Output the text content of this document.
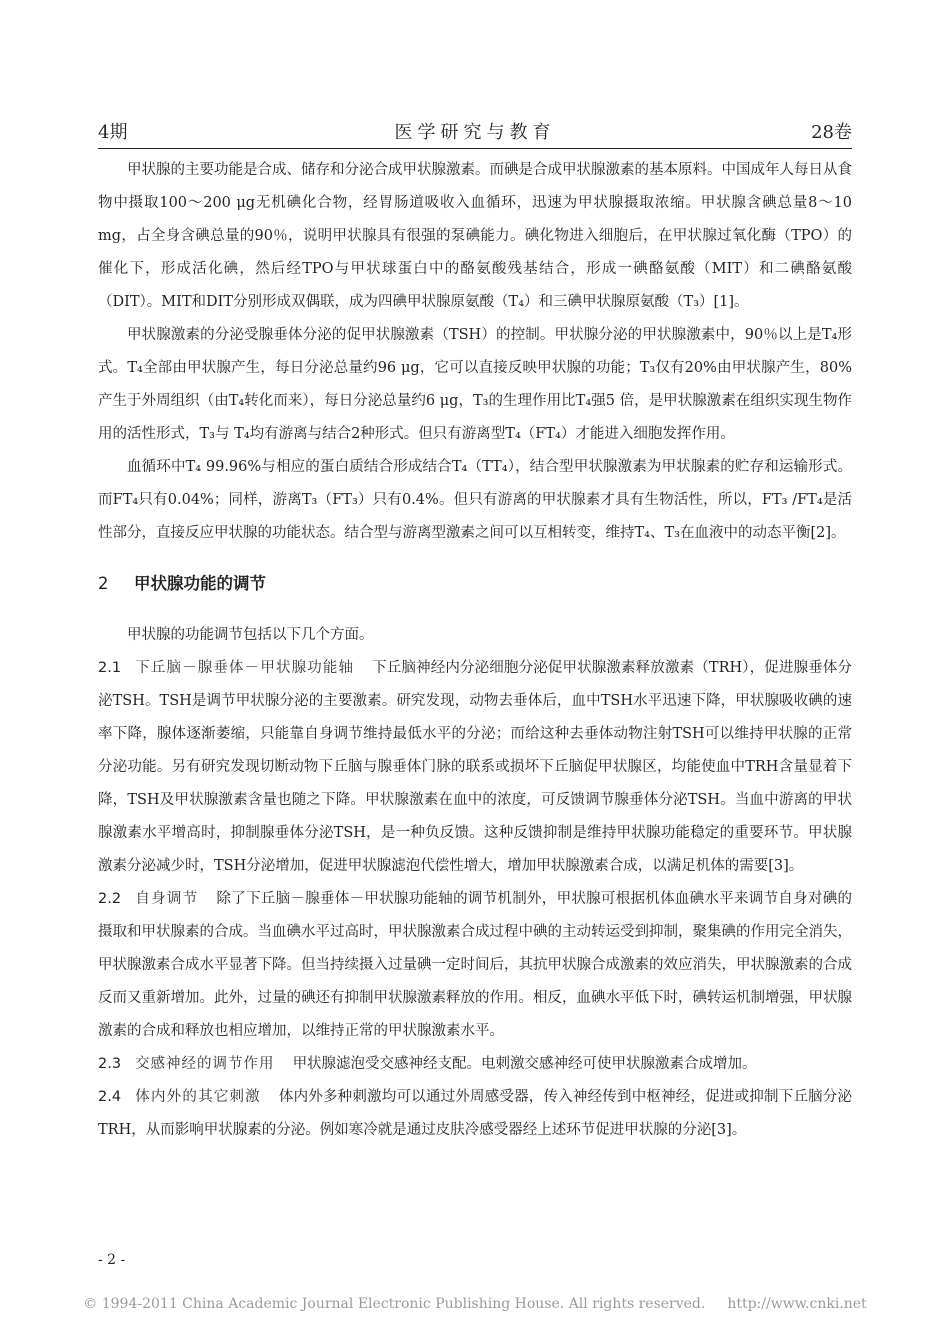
4期	医学研究与教育	28卷

甲状腺的主要功能是合成、储存和分泌合成甲状腺激素。而碘是合成甲状腺激素的基本原料。中国成年人每日从食物中摄取100～200 μg无机碘化合物，经胃肠道吸收入血循环，迅速为甲状腺摄取浓缩。甲状腺含碘总量8～10 mg，占全身含碘总量的90％，说明甲状腺具有很强的泵碘能力。碘化物进入细胞后，在甲状腺过氧化酶（TPO）的催化下，形成活化碘，然后经TPO与甲状球蛋白中的酪氨酸残基结合，形成一碘酪氨酸（MIT）和二碘酪氨酸（DIT）。MIT和DIT分别形成双偶联，成为四碘甲状腺原氨酸（T₄）和三碘甲状腺原氨酸（T₃）[1]。

甲状腺激素的分泌受腺垂体分泌的促甲状腺激素（TSH）的控制。甲状腺分泌的甲状腺激素中，90％以上是T₄形式。T₄全部由甲状腺产生，每日分泌总量约96 μg，它可以直接反映甲状腺的功能；T₃仅有20%由甲状腺产生，80%产生于外周组织（由T₄转化而来），每日分泌总量约6 μg，T₃的生理作用比T₄强5 倍，是甲状腺激素在组织实现生物作用的活性形式，T₃与 T₄均有游离与结合2种形式。但只有游离型T₄（FT₄）才能进入细胞发挥作用。

血循环中T₄ 99.96%与相应的蛋白质结合形成结合T₄（TT₄），结合型甲状腺激素为甲状腺素的贮存和运输形式。而FT₄只有0.04%；同样，游离T₃（FT₃）只有0.4%。但只有游离的甲状腺素才具有生物活性，所以，FT₃ /FT₄是活性部分，直接反应甲状腺的功能状态。结合型与游离型激素之间可以互相转变，维持T₄、T₃在血液中的动态平衡[2]。

2 甲状腺功能的调节

甲状腺的功能调节包括以下几个方面。

2.1 下丘脑－腺垂体－甲状腺功能轴 下丘脑神经内分泌细胞分泌促甲状腺激素释放激素（TRH），促进腺垂体分泌TSH。TSH是调节甲状腺分泌的主要激素。研究发现，动物去垂体后，血中TSH水平迅速下降，甲状腺吸收碘的速率下降，腺体逐渐萎缩，只能靠自身调节维持最低水平的分泌；而给这种去垂体动物注射TSH可以维持甲状腺的正常分泌功能。另有研究发现切断动物下丘脑与腺垂体门脉的联系或损坏下丘脑促甲状腺区，均能使血中TRH含量显着下降，TSH及甲状腺激素含量也随之下降。甲状腺激素在血中的浓度，可反馈调节腺垂体分泌TSH。当血中游离的甲状腺激素水平增高时，抑制腺垂体分泌TSH，是一种负反馈。这种反馈抑制是维持甲状腺功能稳定的重要环节。甲状腺激素分泌减少时，TSH分泌增加，促进甲状腺滤泡代偿性增大，增加甲状腺激素合成，以满足机体的需要[3]。

2.2 自身调节 除了下丘脑－腺垂体－甲状腺功能轴的调节机制外，甲状腺可根据机体血碘水平来调节自身对碘的摄取和甲状腺素的合成。当血碘水平过高时，甲状腺激素合成过程中碘的主动转运受到抑制，聚集碘的作用完全消失，甲状腺激素合成水平显著下降。但当持续摄入过量碘一定时间后，其抗甲状腺合成激素的效应消失，甲状腺激素的合成反而又重新增加。此外，过量的碘还有抑制甲状腺激素释放的作用。相反，血碘水平低下时，碘转运机制增强，甲状腺激素的合成和释放也相应增加，以维持正常的甲状腺激素水平。

2.3 交感神经的调节作用 甲状腺滤泡受交感神经支配。电刺激交感神经可使甲状腺激素合成增加。

2.4 体内外的其它刺激 体内外多种刺激均可以通过外周感受器，传入神经传到中枢神经，促进或抑制下丘脑分泌TRH，从而影响甲状腺素的分泌。例如寒冷就是通过皮肤冷感受器经上述环节促进甲状腺的分泌[3]。

- 2 -
© 1994-2011 China Academic Journal Electronic Publishing House. All rights reserved. http://www.cnki.net
